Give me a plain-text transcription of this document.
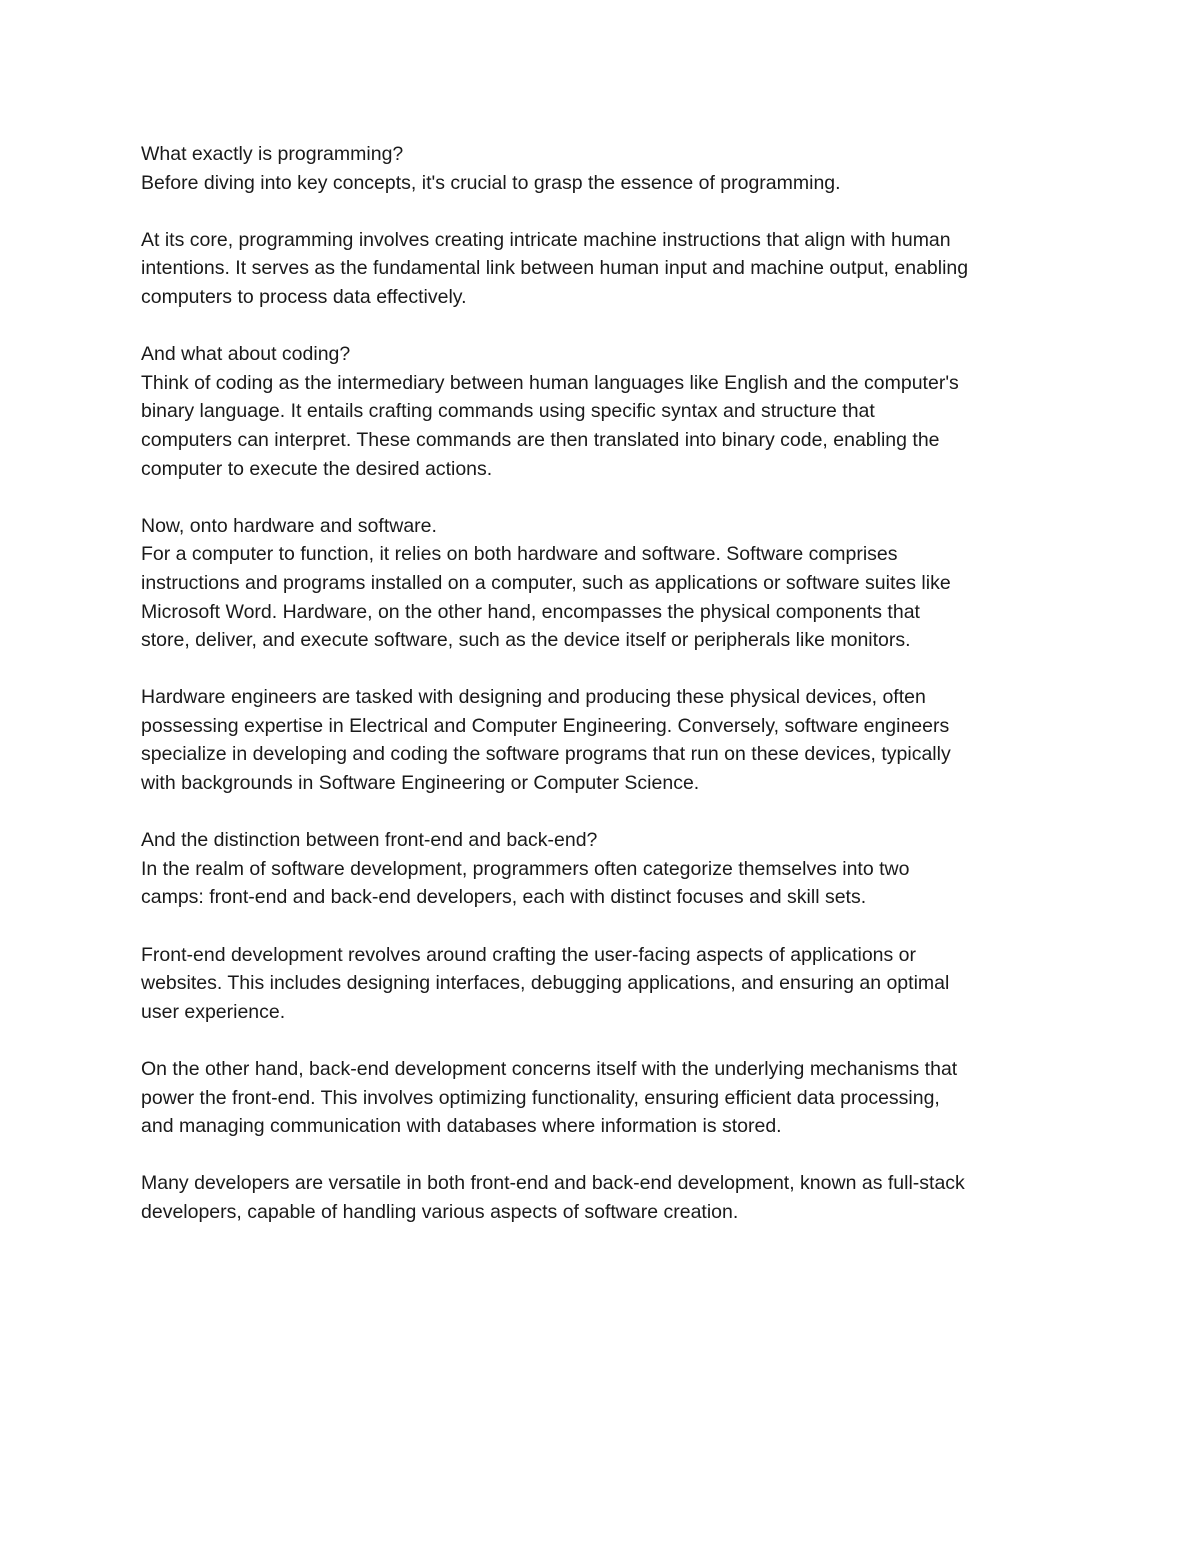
What exactly is programming?
Before diving into key concepts, it's crucial to grasp the essence of programming.
At its core, programming involves creating intricate machine instructions that align with human
intentions. It serves as the fundamental link between human input and machine output, enabling
computers to process data effectively.
And what about coding?
Think of coding as the intermediary between human languages like English and the computer's
binary language. It entails crafting commands using specific syntax and structure that
computers can interpret. These commands are then translated into binary code, enabling the
computer to execute the desired actions.
Now, onto hardware and software.
For a computer to function, it relies on both hardware and software. Software comprises
instructions and programs installed on a computer, such as applications or software suites like
Microsoft Word. Hardware, on the other hand, encompasses the physical components that
store, deliver, and execute software, such as the device itself or peripherals like monitors.
Hardware engineers are tasked with designing and producing these physical devices, often
possessing expertise in Electrical and Computer Engineering. Conversely, software engineers
specialize in developing and coding the software programs that run on these devices, typically
with backgrounds in Software Engineering or Computer Science.
And the distinction between front-end and back-end?
In the realm of software development, programmers often categorize themselves into two
camps: front-end and back-end developers, each with distinct focuses and skill sets.
Front-end development revolves around crafting the user-facing aspects of applications or
websites. This includes designing interfaces, debugging applications, and ensuring an optimal
user experience.
On the other hand, back-end development concerns itself with the underlying mechanisms that
power the front-end. This involves optimizing functionality, ensuring efficient data processing,
and managing communication with databases where information is stored.
Many developers are versatile in both front-end and back-end development, known as full-stack
developers, capable of handling various aspects of software creation.
